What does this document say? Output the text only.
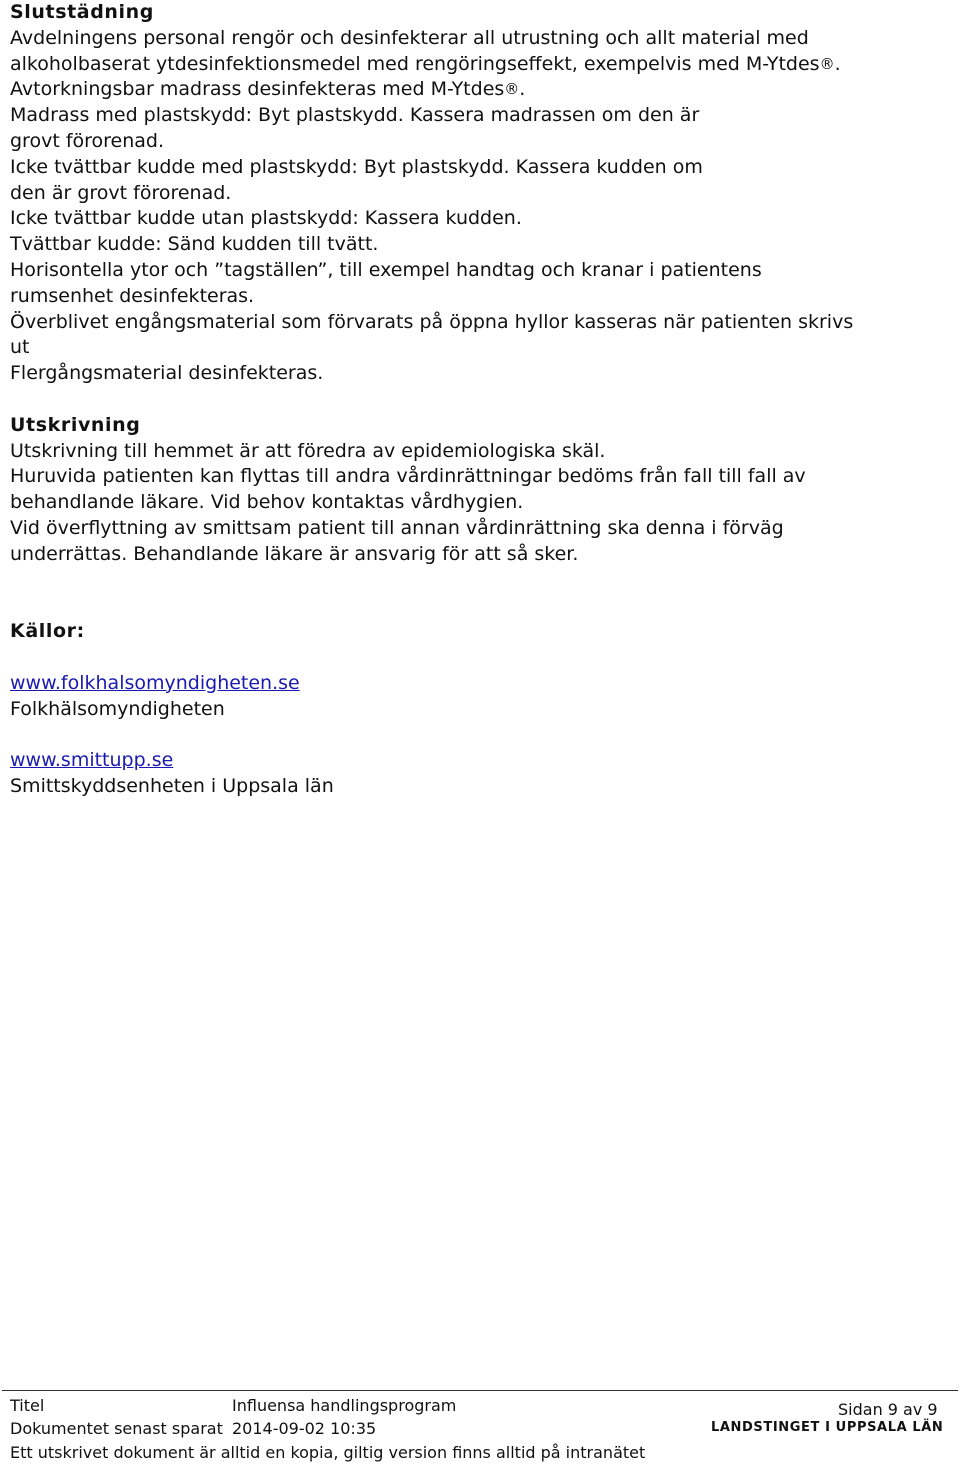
Slutstädning
Avdelningens personal rengör och desinfekterar all utrustning och allt material med
alkoholbaserat ytdesinfektionsmedel med rengöringseffekt, exempelvis med M-Ytdes®.
Avtorkningsbar madrass desinfekteras med M-Ytdes®.
Madrass med plastskydd: Byt plastskydd. Kassera madrassen om den är
grovt förorenad.
Icke tvättbar kudde med plastskydd: Byt plastskydd. Kassera kudden om
den är grovt förorenad.
Icke tvättbar kudde utan plastskydd: Kassera kudden.
Tvättbar kudde: Sänd kudden till tvätt.
Horisontella ytor och ”tagställen”, till exempel handtag och kranar i patientens
rumsenhet desinfekteras.
Överblivet engångsmaterial som förvarats på öppna hyllor kasseras när patienten skrivs
ut
Flergångsmaterial desinfekteras.
Utskrivning
Utskrivning till hemmet är att föredra av epidemiologiska skäl.
Huruvida patienten kan flyttas till andra vårdinrättningar bedöms från fall till fall av
behandlande läkare. Vid behov kontaktas vårdhygien.
Vid överflyttning av smittsam patient till annan vårdinrättning ska denna i förväg
underrättas. Behandlande läkare är ansvarig för att så sker.
Källor:
www.folkhalsomyndigheten.se
Folkhälsomyndigheten
www.smittupp.se
Smittskyddsenheten i Uppsala län
Titel	Influensa handlingsprogram	Sidan 9 av 9
Dokumentet senast sparat 2014-09-02 10:35	LANDSTINGET I UPPSALA LÄN
Ett utskrivet dokument är alltid en kopia, giltig version finns alltid på intranätet
